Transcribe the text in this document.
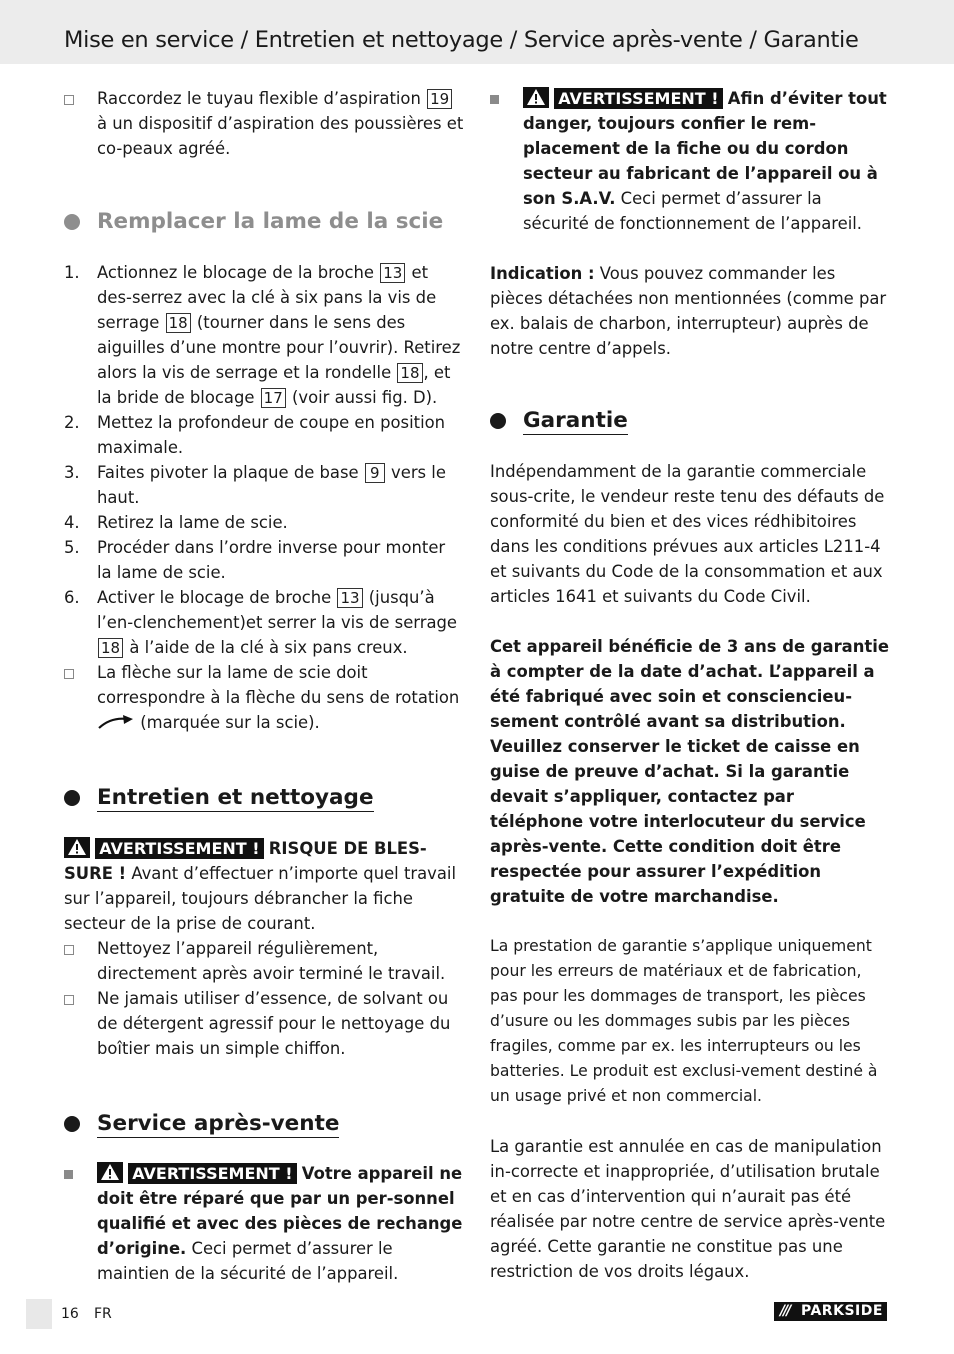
Mise en service / Entretien et nettoyage / Service après-vente / Garantie
Raccordez le tuyau flexible d’aspiration 19 à un dispositif d’aspiration des poussières et co-peaux agréé.
Remplacer la lame de la scie
1. Actionnez le blocage de la broche 13 et des-serrez avec la clé à six pans la vis de serrage 18 (tourner dans le sens des aiguilles d’une montre pour l’ouvrir). Retirez alors la vis de serrage et la rondelle 18 , et la bride de blocage 17 (voir aussi fig. D).
2. Mettez la profondeur de coupe en position maximale.
3. Faites pivoter la plaque de base 9 vers le haut.
4. Retirez la lame de scie.
5. Procéder dans l’ordre inverse pour monter la lame de scie.
6. Activer le blocage de broche 13 (jusqu’à l’en-clenchement)et serrer la vis de serrage 18 à l’aide de la clé à six pans creux.
La flèche sur la lame de scie doit correspondre à la flèche du sens de rotation  (marquée sur la scie).
Entretien et nettoyage

AVERTISSEMENT ! RISQUE DE BLES-SURE ! Avant d’effectuer n’importe quel travail sur l’appareil, toujours débrancher la fiche secteur de la prise de courant.

Nettoyez l’appareil régulièrement, directement après avoir terminé le travail.
Ne jamais utiliser d’essence, de solvant ou de détergent agressif pour le nettoyage du boîtier mais un simple chiffon.
Service après-vente
AVERTISSEMENT ! Votre appareil ne doit être réparé que par un per-sonnel qualifié et avec des pièces de rechange d’origine. Ceci permet d’assurer le maintien de la sécurité de l’appareil.
AVERTISSEMENT ! Afin d’éviter tout danger, toujours confier le rem-placement de la fiche ou du cordon secteur au fabricant de l’appareil ou à son S.A.V. Ceci permet d’assurer la sécurité de fonctionnement de l’appareil.

Indication : Vous pouvez commander les pièces détachées non mentionnées (comme par ex. balais de charbon, interrupteur) auprès de notre centre d’appels.

Garantie

Indépendamment de la garantie commerciale sous-crite, le vendeur reste tenu des défauts de conformité du bien et des vices rédhibitoires dans les conditions prévues aux articles L211-4 et suivants du Code de la consommation et aux articles 1641 et suivants du Code Civil.

Cet appareil bénéficie de 3 ans de garantie à compter de la date d’achat. L’appareil a été fabriqué avec soin et consciencieu-sement contrôlé avant sa distribution. Veuillez conserver le ticket de caisse en guise de preuve d’achat. Si la garantie devait s’appliquer, contactez par téléphone votre interlocuteur du service après-vente. Cette condition doit être respectée pour assurer l’expédition gratuite de votre marchandise.

La prestation de garantie s’applique uniquement pour les erreurs de matériaux et de fabrication, pas pour les dommages de transport, les pièces d’usure ou les dommages subis par les pièces fragiles, comme par ex. les interrupteurs ou les batteries. Le produit est exclusi-vement destiné à un usage privé et non commercial.

La garantie est annulée en cas de manipulation in-correcte et inappropriée, d’utilisation brutale et en cas d’intervention qui n’aurait pas été réalisée par notre centre de service après-vente agréé. Cette garantie ne constitue pas une restriction de vos droits légaux.

16 FR	/// PARKSIDE
